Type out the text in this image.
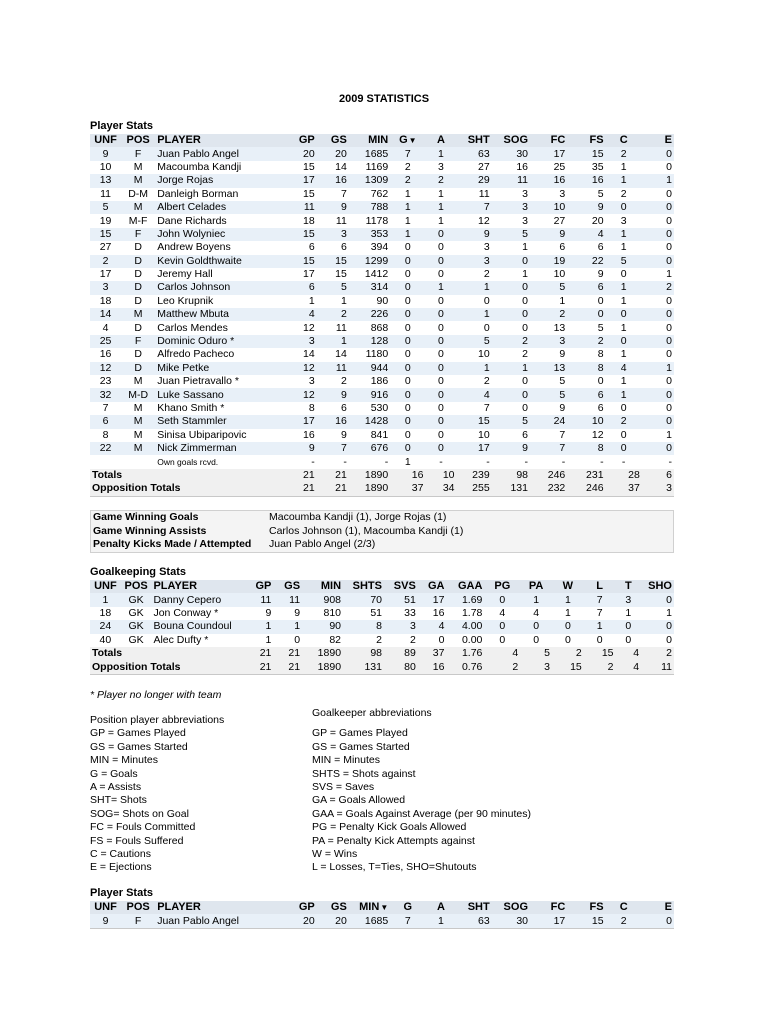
2009 STATISTICS
Player Stats
UNF	POS	PLAYER	GP	GS	MIN	G▼	A	SHT	SOG	FC	FS	C	E
9	F	Juan Pablo Angel	20	20	1685	7	1	63	30	17	15	2	0
10	M	Macoumba Kandji	15	14	1169	2	3	27	16	25	35	1	0
13	M	Jorge Rojas	17	16	1309	2	2	29	11	16	16	1	1
11	D-M	Danleigh Borman	15	7	762	1	1	11	3	3	5	2	0
5	M	Albert Celades	11	9	788	1	1	7	3	10	9	0	0
19	M-F	Dane Richards	18	11	1178	1	1	12	3	27	20	3	0
15	F	John Wolyniec	15	3	353	1	0	9	5	9	4	1	0
27	D	Andrew Boyens	6	6	394	0	0	3	1	6	6	1	0
2	D	Kevin Goldthwaite	15	15	1299	0	0	3	0	19	22	5	0
17	D	Jeremy Hall	17	15	1412	0	0	2	1	10	9	0	1
3	D	Carlos Johnson	6	5	314	0	1	1	0	5	6	1	2
18	D	Leo Krupnik	1	1	90	0	0	0	0	1	0	1	0
14	M	Matthew Mbuta	4	2	226	0	0	1	0	2	0	0	0
4	D	Carlos Mendes	12	11	868	0	0	0	0	13	5	1	0
25	F	Dominic Oduro *	3	1	128	0	0	5	2	3	2	0	0
16	D	Alfredo Pacheco	14	14	1180	0	0	10	2	9	8	1	0
12	D	Mike Petke	12	11	944	0	0	1	1	13	8	4	1
23	M	Juan Pietravallo *	3	2	186	0	0	2	0	5	0	1	0
32	M-D	Luke Sassano	12	9	916	0	0	4	0	5	6	1	0
7	M	Khano Smith *	8	6	530	0	0	7	0	9	6	0	0
6	M	Seth Stammler	17	16	1428	0	0	15	5	24	10	2	0
8	M	Sinisa Ubiparipovic	16	9	841	0	0	10	6	7	12	0	1
22	M	Nick Zimmerman	9	7	676	0	0	17	9	7	8	0	0
		Own goals rcvd.	-	-	-	1	-	-	-	-	-	-	-
Totals			21	21	1890	16	10	239	98	246	231	28	6
Opposition Totals			21	21	1890	37	34	255	131	232	246	37	3
Game Winning Goals	Macoumba Kandji (1), Jorge Rojas (1)
Game Winning Assists	Carlos Johnson (1), Macoumba Kandji (1)
Penalty Kicks Made / Attempted	Juan Pablo Angel (2/3)
Goalkeeping Stats
UNF	POS	PLAYER	GP	GS	MIN	SHTS	SVS	GA	GAA	PG	PA	W	L	T	SHO
1	GK	Danny Cepero	11	11	908	70	51	17	1.69	0	1	1	7	3	0
18	GK	Jon Conway *	9	9	810	51	33	16	1.78	4	4	1	7	1	1
24	GK	Bouna Coundoul	1	1	90	8	3	4	4.00	0	0	0	1	0	0
40	GK	Alec Dufty *	1	0	82	2	2	0	0.00	0	0	0	0	0	0
Totals			21	21	1890	98	89	37	1.76	4	5	2	15	4	2
Opposition Totals			21	21	1890	131	80	16	0.76	2	3	15	2	4	11
* Player no longer with team
Position player abbreviations
GP = Games Played
GS = Games Started
MIN = Minutes
G = Goals
A = Assists
SHT= Shots
SOG= Shots on Goal
FC = Fouls Committed
FS = Fouls Suffered
C = Cautions
E = Ejections
Goalkeeper abbreviations
GP = Games Played
GS = Games Started
MIN = Minutes
SHTS = Shots against
SVS = Saves
GA = Goals Allowed
GAA = Goals Against Average (per 90 minutes)
PG = Penalty Kick Goals Allowed
PA = Penalty Kick Attempts against
W = Wins
L = Losses, T=Ties, SHO=Shutouts
Player Stats
UNF	POS	PLAYER	GP	GS	MIN▼	G	A	SHT	SOG	FC	FS	C	E
9	F	Juan Pablo Angel	20	20	1685	7	1	63	30	17	15	2	0
